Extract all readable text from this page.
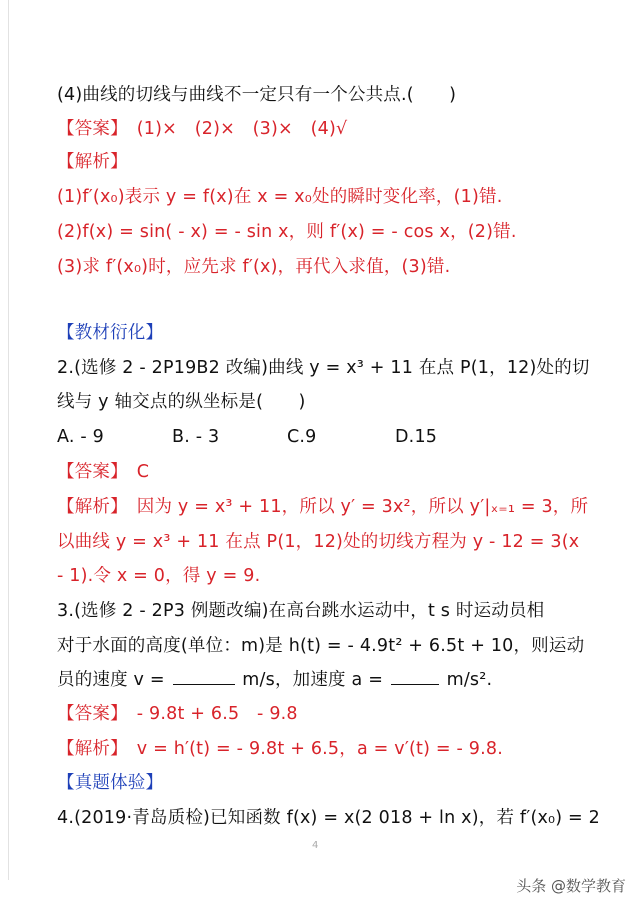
(4)曲线的切线与曲线不一定只有一个公共点.(　　)
【答案】　(1)×　(2)×　(3)×　(4)√
【解析】
(1)f′(x₀)表示 y = f(x)在 x = x₀处的瞬时变化率，(1)错.
(2)f(x) = sin( - x) = - sin x，则 f′(x) = - cos x，(2)错.
(3)求 f′(x₀)时，应先求 f′(x)，再代入求值，(3)错.
【教材衍化】
2.(选修 2 - 2P19B2 改编)曲线 y = x³ + 11 在点 P(1，12)处的切
线与 y 轴交点的纵坐标是(　　)
A. - 9	B. - 3	C.9	D.15
【答案】　C
【解析】　因为 y = x³ + 11，所以 y′ = 3x²，所以 y′|ₓ₌₁ = 3，所
以曲线 y = x³ + 11 在点 P(1，12)处的切线方程为 y - 12 = 3(x
- 1).令 x = 0，得 y = 9.
3.(选修 2 - 2P3 例题改编)在高台跳水运动中，t s 时运动员相
对于水面的高度(单位：m)是 h(t) = - 4.9t² + 6.5t + 10，则运动
员的速度 v =	m/s，加速度 a =	m/s².
【答案】　- 9.8t + 6.5　- 9.8
【解析】　v = h′(t) = - 9.8t + 6.5，a = v′(t) = - 9.8.
【真题体验】
4.(2019·青岛质检)已知函数 f(x) = x(2 018 + ln x)，若 f′(x₀) = 2
4
头条 @数学教育
